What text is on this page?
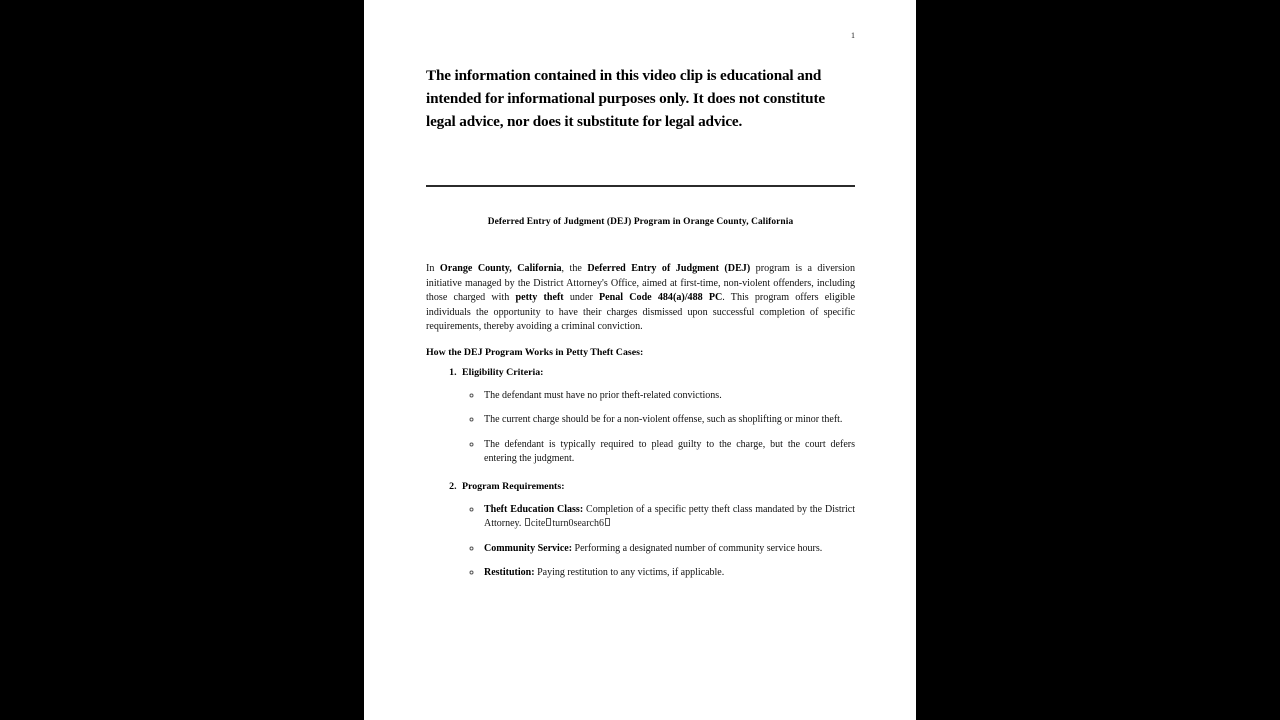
1
The information contained in this video clip is educational and intended for informational purposes only. It does not constitute legal advice, nor does it substitute for legal advice.
Deferred Entry of Judgment (DEJ) Program in Orange County, California

In Orange County, California, the Deferred Entry of Judgment (DEJ) program is a diversion initiative managed by the District Attorney's Office, aimed at first-time, non-violent offenders, including those charged with petty theft under Penal Code 484(a)/488 PC. This program offers eligible individuals the opportunity to have their charges dismissed upon successful completion of specific requirements, thereby avoiding a criminal conviction.

How the DEJ Program Works in Petty Theft Cases:
1. Eligibility Criteria:
◦ The defendant must have no prior theft-related convictions.
◦ The current charge should be for a non-violent offense, such as shoplifting or minor theft.
◦ The defendant is typically required to plead guilty to the charge, but the court defers entering the judgment.
2. Program Requirements:
◦ Theft Education Class: Completion of a specific petty theft class mandated by the District Attorney. cite turn0search6
◦ Community Service: Performing a designated number of community service hours.
◦ Restitution: Paying restitution to any victims, if applicable.
